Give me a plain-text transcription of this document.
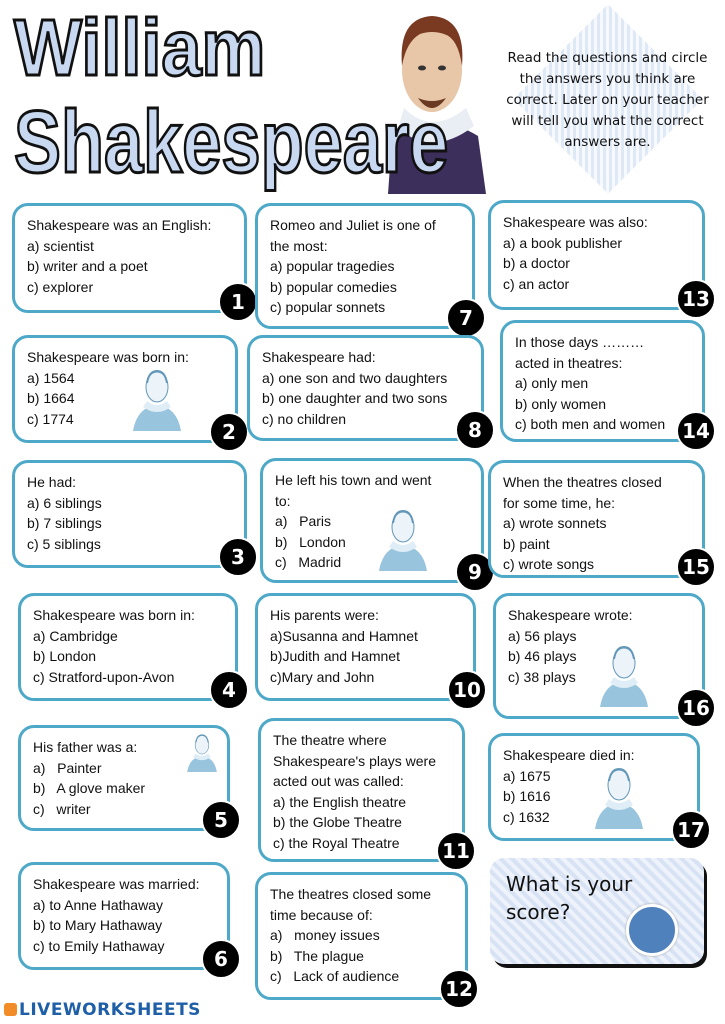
William
Shakespeare
Read the questions and circle the answers you think are correct. Later on your teacher will tell you what the correct answers are.
Shakespeare was an English:
a) scientist
b) writer and a poet
c) explorer
1
Shakespeare was born in:
a) 1564
b) 1664
c) 1774
2
He had:
a) 6 siblings
b) 7 siblings
c) 5 siblings
3
Shakespeare was born in:
a) Cambridge
b) London
c) Stratford-upon-Avon
4
His father was a:
a)   Painter
b)   A glove maker
c)   writer	5
Shakespeare was married:
a) to Anne Hathaway
b) to Mary Hathaway
c) to Emily Hathaway
6
Romeo and Juliet is one of
the most:
a) popular tragedies
b) popular comedies
c) popular sonnets	7
Shakespeare had:
a) one son and two daughters
b) one daughter and two sons
c) no children	8
He left his town and went
to:
a)   Paris
b)   London
c)   Madrid	9
His parents were:
a)Susanna and Hamnet
b)Judith and Hamnet
c)Mary and John
10
The theatre where
Shakespeare's plays were
acted out was called:
a) the English theatre
b) the Globe Theatre
c) the Royal Theatre	11
The theatres closed some
time because of:
a)   money issues
b)   The plague
c)   Lack of audience
12
Shakespeare was also:
a) a book publisher
b) a doctor
c) an actor
13
In those days ………
acted in theatres:
a) only men
b) only women
c) both men and women 14
When the theatres closed
for some time, he:
a) wrote sonnets
b) paint
c) wrote songs	15
Shakespeare wrote:
a) 56 plays
b) 46 plays
c) 38 plays
16
Shakespeare died in:
a) 1675
b) 1616
c) 1632
17
What is your score?
LIVEWORKSHEETS
